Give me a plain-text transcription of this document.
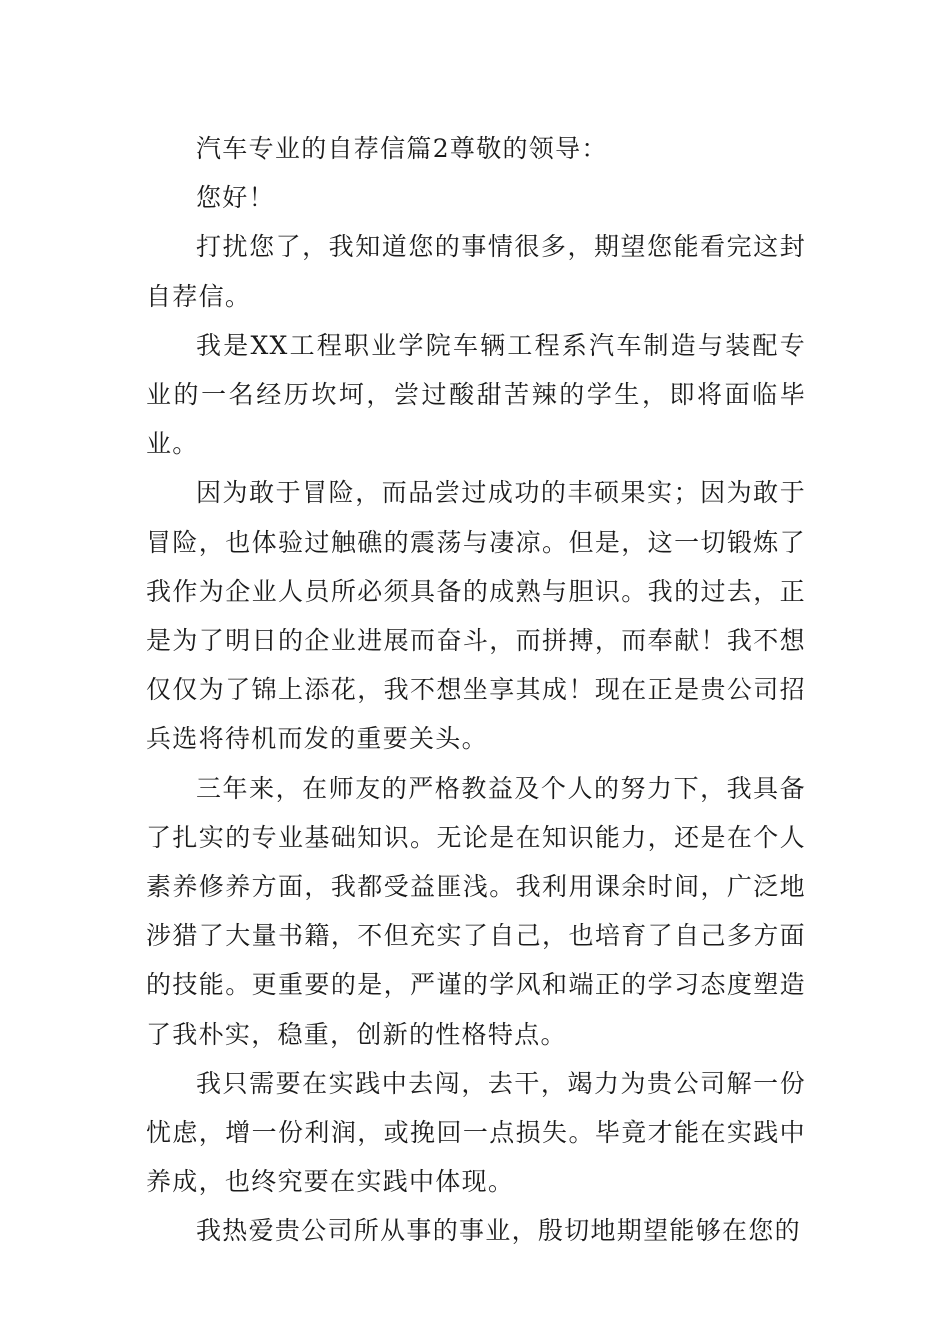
汽车专业的自荐信篇2尊敬的领导：

您好！

打扰您了，我知道您的事情很多，期望您能看完这封自荐信。

我是XX工程职业学院车辆工程系汽车制造与装配专业的一名经历坎坷，尝过酸甜苦辣的学生，即将面临毕业。

因为敢于冒险，而品尝过成功的丰硕果实；因为敢于冒险，也体验过触礁的震荡与凄凉。但是，这一切锻炼了我作为企业人员所必须具备的成熟与胆识。我的过去，正是为了明日的企业进展而奋斗，而拼搏，而奉献！我不想仅仅为了锦上添花，我不想坐享其成！现在正是贵公司招兵选将待机而发的重要关头。

三年来，在师友的严格教益及个人的努力下，我具备了扎实的专业基础知识。无论是在知识能力，还是在个人素养修养方面，我都受益匪浅。我利用课余时间，广泛地涉猎了大量书籍，不但充实了自己，也培育了自己多方面的技能。更重要的是，严谨的学风和端正的学习态度塑造了我朴实，稳重，创新的性格特点。

我只需要在实践中去闯，去干，竭力为贵公司解一份忧虑，增一份利润，或挽回一点损失。毕竟才能在实践中养成，也终究要在实践中体现。

我热爱贵公司所从事的事业，殷切地期望能够在您的
